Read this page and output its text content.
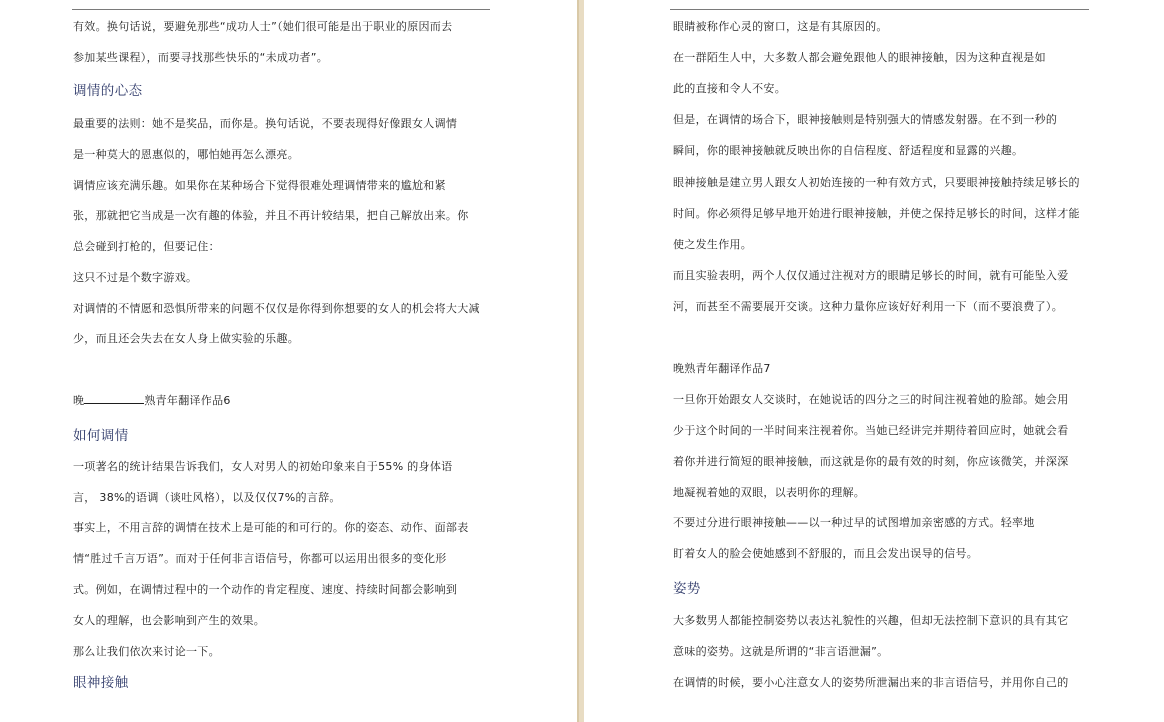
有效。换句话说，要避免那些“成功人士”（她们很可能是出于职业的原因而去
参加某些课程），而要寻找那些快乐的“未成功者”。
调情的心态
最重要的法则：她不是奖品，而你是。换句话说，不要表现得好像跟女人调情
是一种莫大的恩惠似的，哪怕她再怎么漂亮。
调情应该充满乐趣。如果你在某种场合下觉得很难处理调情带来的尴尬和紧
张，那就把它当成是一次有趣的体验，并且不再计较结果，把自己解放出来。你
总会碰到打枪的，但要记住：
这只不过是个数字游戏。
对调情的不情愿和恐惧所带来的问题不仅仅是你得到你想要的女人的机会将大大减
少，而且还会失去在女人身上做实验的乐趣。
晚	熟青年翻译作品6
如何调情
一项著名的统计结果告诉我们，女人对男人的初始印象来自于55% 的身体语
言， 38%的语调（谈吐风格），以及仅仅7%的言辞。
事实上，不用言辞的调情在技术上是可能的和可行的。你的姿态、动作、面部表
情“胜过千言万语”。而对于任何非言语信号，你都可以运用出很多的变化形
式。例如，在调情过程中的一个动作的肯定程度、速度、持续时间都会影响到
女人的理解，也会影响到产生的效果。
那么让我们依次来讨论一下。
眼神接触
眼睛被称作心灵的窗口，这是有其原因的。
在一群陌生人中，大多数人都会避免跟他人的眼神接触，因为这种直视是如
此的直接和令人不安。
但是，在调情的场合下，眼神接触则是特别强大的情感发射器。在不到一秒的
瞬间，你的眼神接触就反映出你的自信程度、舒适程度和显露的兴趣。
眼神接触是建立男人跟女人初始连接的一种有效方式，只要眼神接触持续足够长的
时间。你必须得足够早地开始进行眼神接触，并使之保持足够长的时间，这样才能
使之发生作用。
而且实验表明，两个人仅仅通过注视对方的眼睛足够长的时间，就有可能坠入爱
河，而甚至不需要展开交谈。这种力量你应该好好利用一下（而不要浪费了）。
晚熟青年翻译作品7
一旦你开始跟女人交谈时，在她说话的四分之三的时间注视着她的脸部。她会用
少于这个时间的一半时间来注视着你。当她已经讲完并期待着回应时，她就会看
着你并进行简短的眼神接触，而这就是你的最有效的时刻，你应该微笑，并深深
地凝视着她的双眼，以表明你的理解。
不要过分进行眼神接触——以一种过早的试图增加亲密感的方式。轻率地
盯着女人的脸会使她感到不舒服的，而且会发出误导的信号。
姿势
大多数男人都能控制姿势以表达礼貌性的兴趣，但却无法控制下意识的具有其它
意味的姿势。这就是所谓的“非言语泄漏”。
在调情的时候，要小心注意女人的姿势所泄漏出来的非言语信号，并用你自己的
